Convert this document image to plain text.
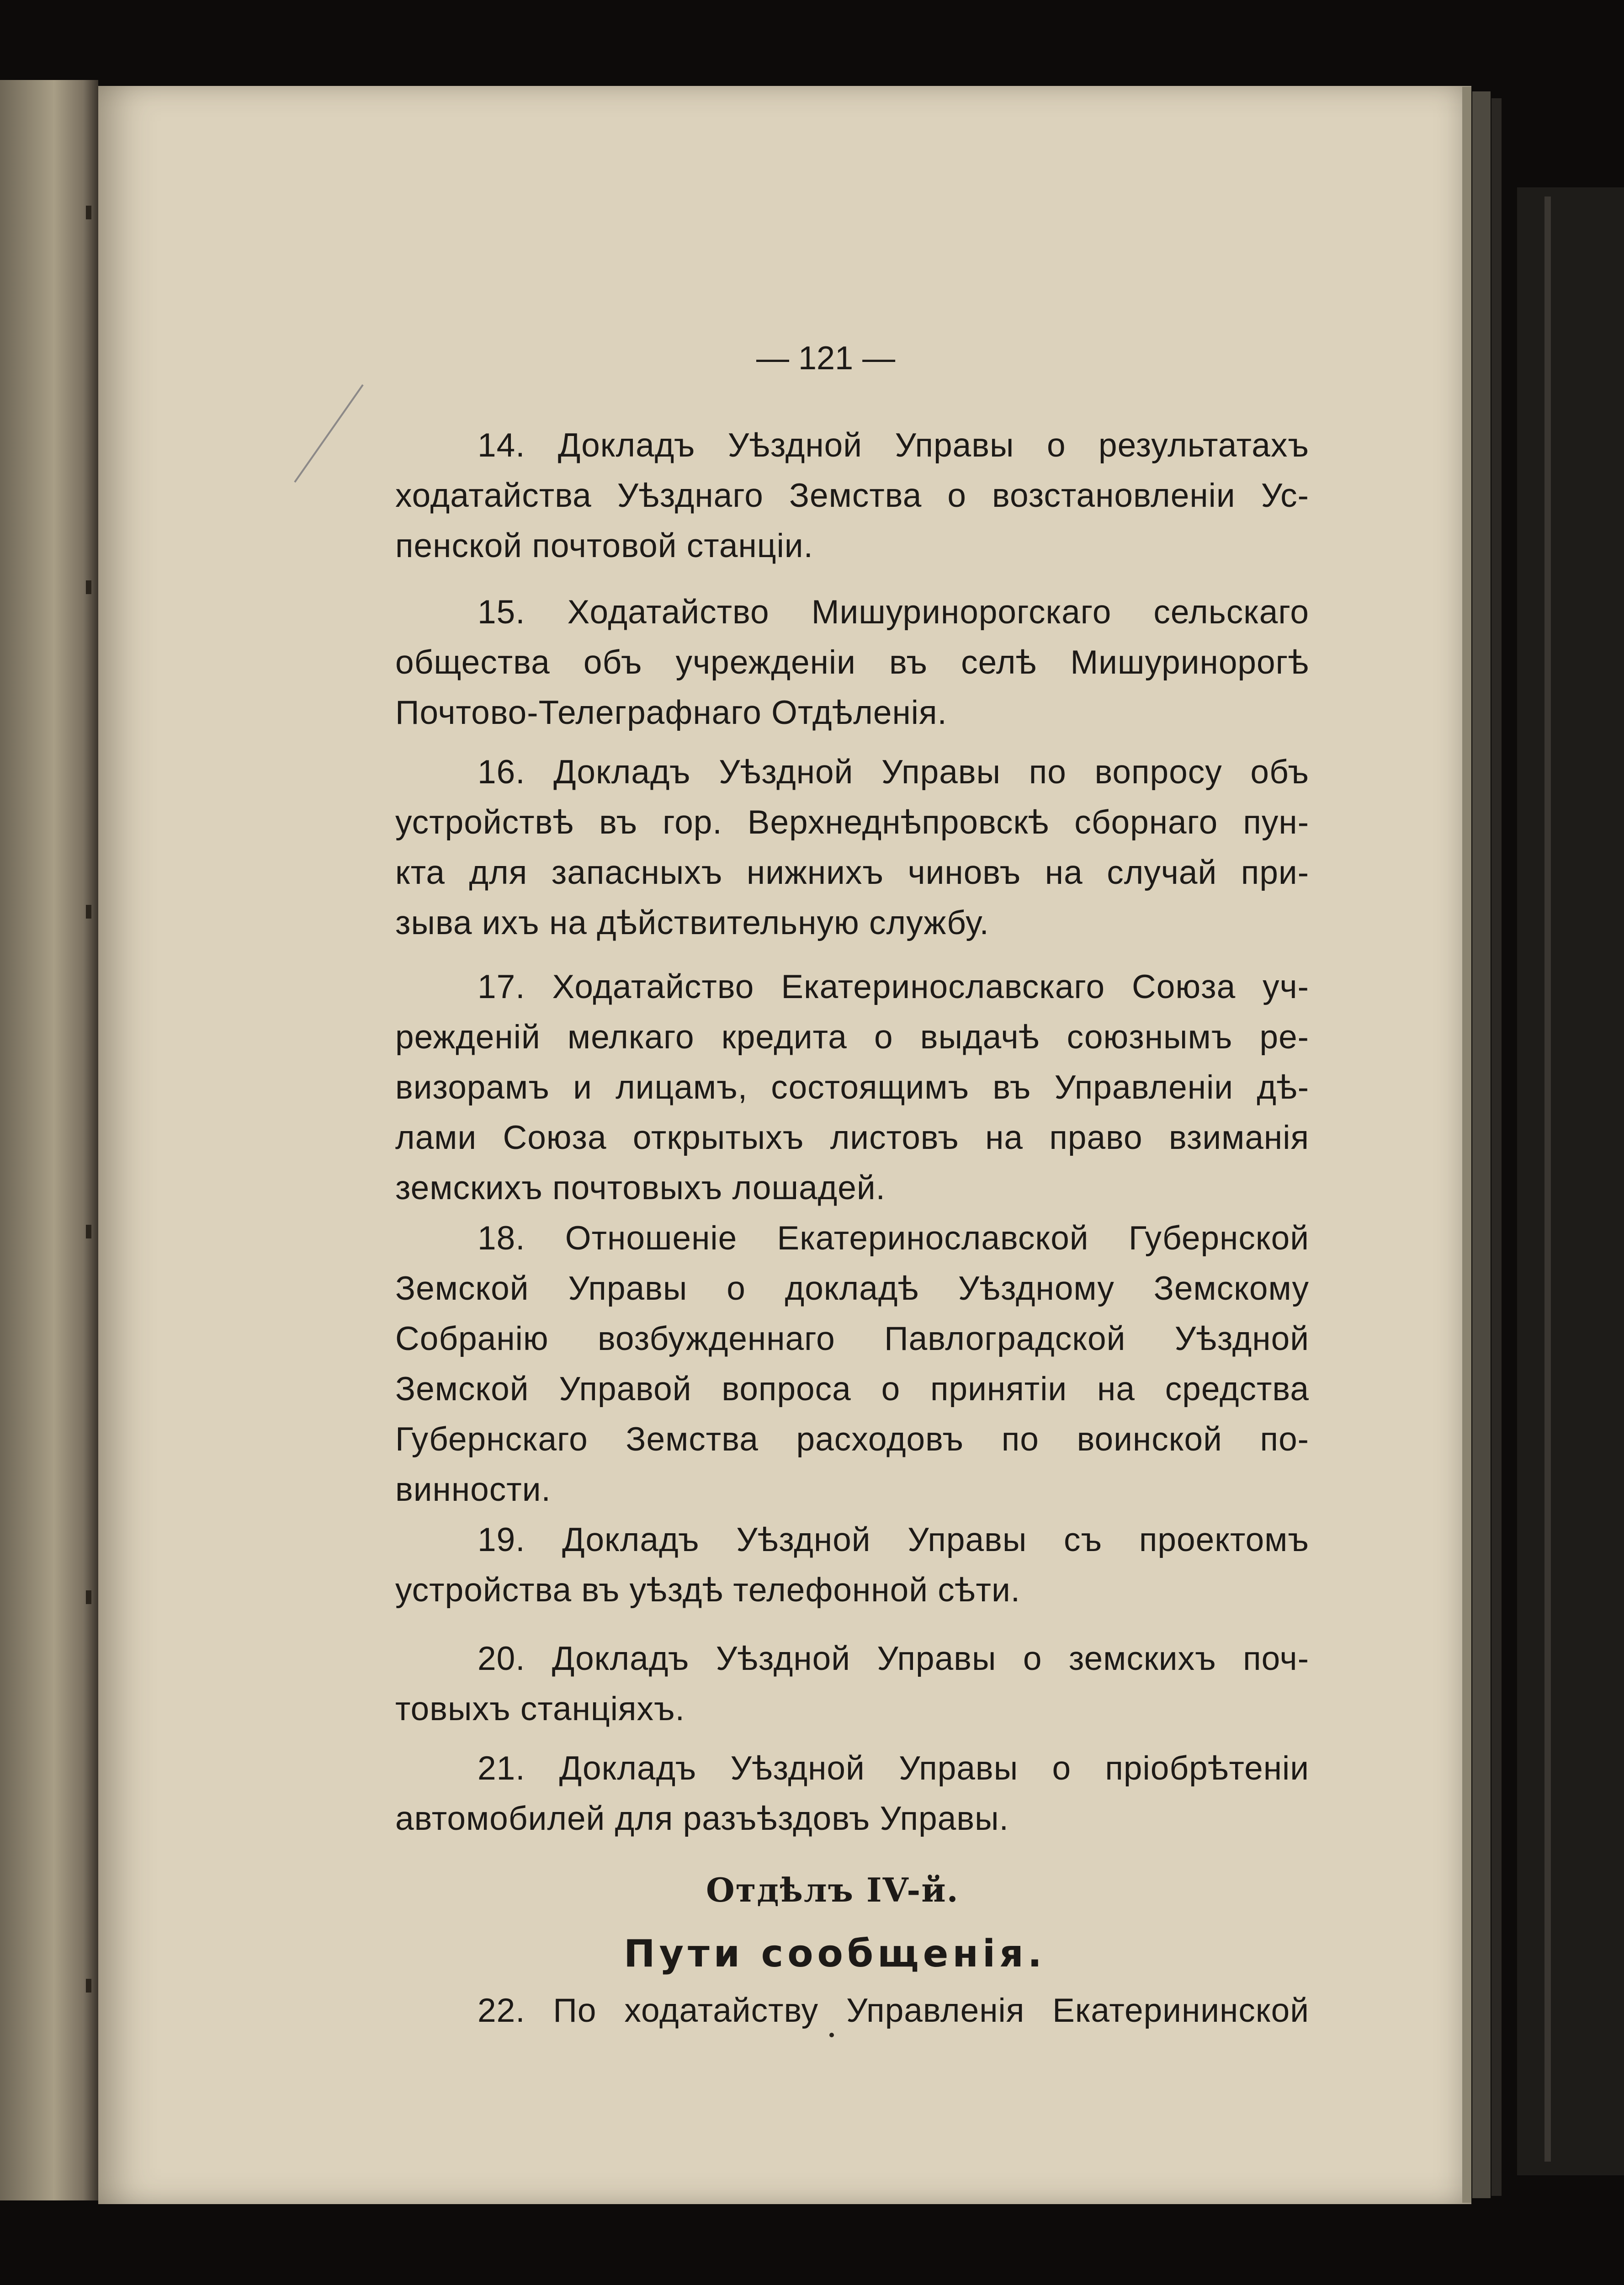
— 121 —
14. Докладъ Уѣздной Управы о результатахъ
ходатайства Уѣзднаго Земства о возстановленіи Ус-
пенской почтовой станціи.
15. Ходатайство Мишуринорогскаго сельскаго
общества объ учрежденіи въ селѣ Мишуринорогѣ
Почтово-Телеграфнаго Отдѣленія.
16. Докладъ Уѣздной Управы по вопросу объ
устройствѣ въ гор. Верхнеднѣпровскѣ сборнаго пун-
кта для запасныхъ нижнихъ чиновъ на случай при-
зыва ихъ на дѣйствительную службу.
17. Ходатайство Екатеринославскаго Союза уч-
режденій мелкаго кредита о выдачѣ союзнымъ ре-
визорамъ и лицамъ, состоящимъ въ Управленіи дѣ-
лами Союза открытыхъ листовъ на право взиманія
земскихъ почтовыхъ лошадей.
18. Отношеніе Екатеринославской Губернской
Земской Управы о докладѣ Уѣздному Земскому
Собранію возбужденнаго Павлоградской Уѣздной
Земской Управой вопроса о принятіи на средства
Губернскаго Земства расходовъ по воинской по-
винности.
19. Докладъ Уѣздной Управы съ проектомъ
устройства въ уѣздѣ телефонной сѣти.
20. Докладъ Уѣздной Управы о земскихъ поч-
товыхъ станціяхъ.
21. Докладъ Уѣздной Управы о пріобрѣтеніи
автомобилей для разъѣздовъ Управы.
22. По ходатайству Управленія Екатерининской
Отдѣлъ IV-й.
Пути сообщенія.
